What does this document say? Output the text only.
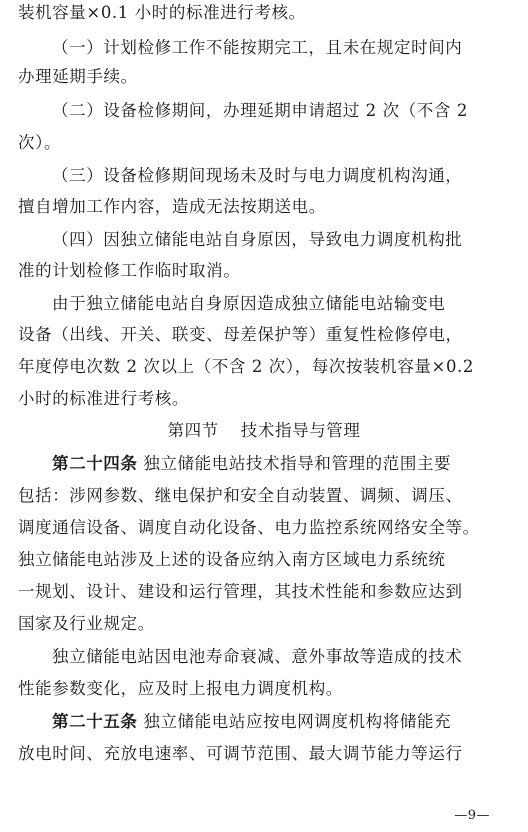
装机容量×0.1 小时的标准进行考核。
（一）计划检修工作不能按期完工，且未在规定时间内
办理延期手续。
（二）设备检修期间，办理延期申请超过 2 次（不含 2
次）。
（三）设备检修期间现场未及时与电力调度机构沟通，
擅自增加工作内容，造成无法按期送电。
（四）因独立储能电站自身原因，导致电力调度机构批
准的计划检修工作临时取消。
由于独立储能电站自身原因造成独立储能电站输变电
设备（出线、开关、联变、母差保护等）重复性检修停电，
年度停电次数 2 次以上（不含 2 次），每次按装机容量×0.2
小时的标准进行考核。
第四节 技术指导与管理
第二十四条 独立储能电站技术指导和管理的范围主要
包括：涉网参数、继电保护和安全自动装置、调频、调压、
调度通信设备、调度自动化设备、电力监控系统网络安全等。
独立储能电站涉及上述的设备应纳入南方区域电力系统统
一规划、设计、建设和运行管理，其技术性能和参数应达到
国家及行业规定。
独立储能电站因电池寿命衰减、意外事故等造成的技术
性能参数变化，应及时上报电力调度机构。
第二十五条 独立储能电站应按电网调度机构将储能充
放电时间、充放电速率、可调节范围、最大调节能力等运行
—9—
